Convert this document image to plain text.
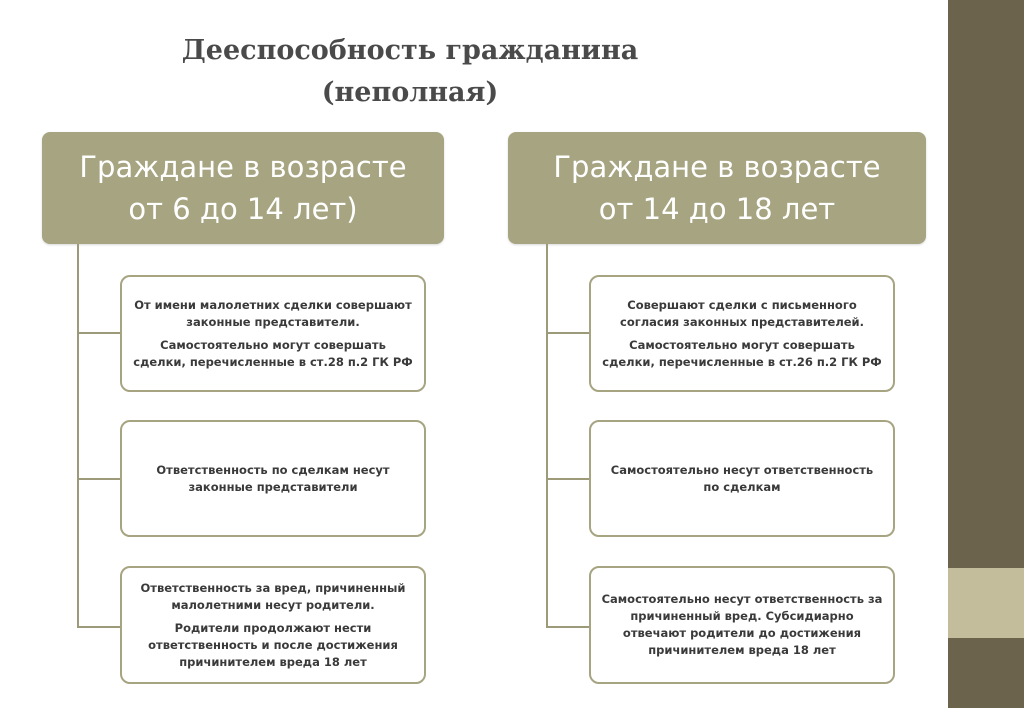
Дееспособность гражданина
(неполная)
Граждане в возрасте
от 6 до 14 лет)

От имени малолетних сделки совершают законные представители.

Самостоятельно могут совершать сделки, перечисленные в ст.28 п.2 ГК РФ

Ответственность по сделкам несут законные представители

Ответственность за вред, причиненный малолетними несут родители.

Родители продолжают нести ответственность и после достижения причинителем вреда 18 лет

Граждане в возрасте
от 14 до 18 лет

Совершают сделки с письменного согласия законных представителей.

Самостоятельно могут совершать сделки, перечисленные в ст.26 п.2 ГК РФ

Самостоятельно несут ответственность по сделкам

Самостоятельно несут ответственность за причиненный вред. Субсидиарно отвечают родители до достижения причинителем вреда 18 лет
